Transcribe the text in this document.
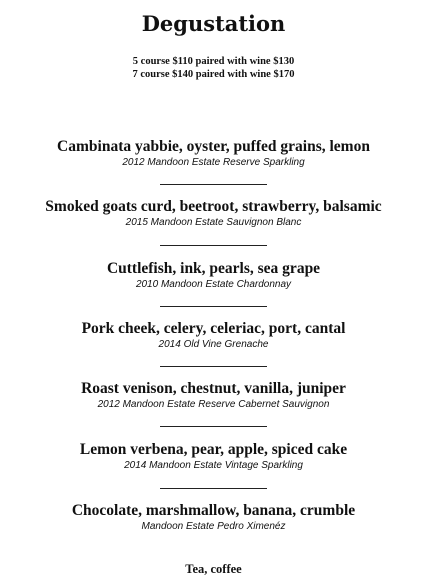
Degustation
5 course $110 paired with wine $130
7 course $140 paired with wine $170
Cambinata yabbie, oyster, puffed grains, lemon
2012 Mandoon Estate Reserve Sparkling
Smoked goats curd, beetroot, strawberry, balsamic
2015 Mandoon Estate Sauvignon Blanc
Cuttlefish, ink, pearls, sea grape
2010 Mandoon Estate Chardonnay
Pork cheek, celery, celeriac, port, cantal
2014 Old Vine Grenache
Roast venison, chestnut, vanilla, juniper
2012 Mandoon Estate Reserve Cabernet Sauvignon
Lemon verbena, pear, apple, spiced cake
2014 Mandoon Estate Vintage Sparkling
Chocolate, marshmallow, banana, crumble
Mandoon Estate Pedro Ximenéz
Tea, coffee
